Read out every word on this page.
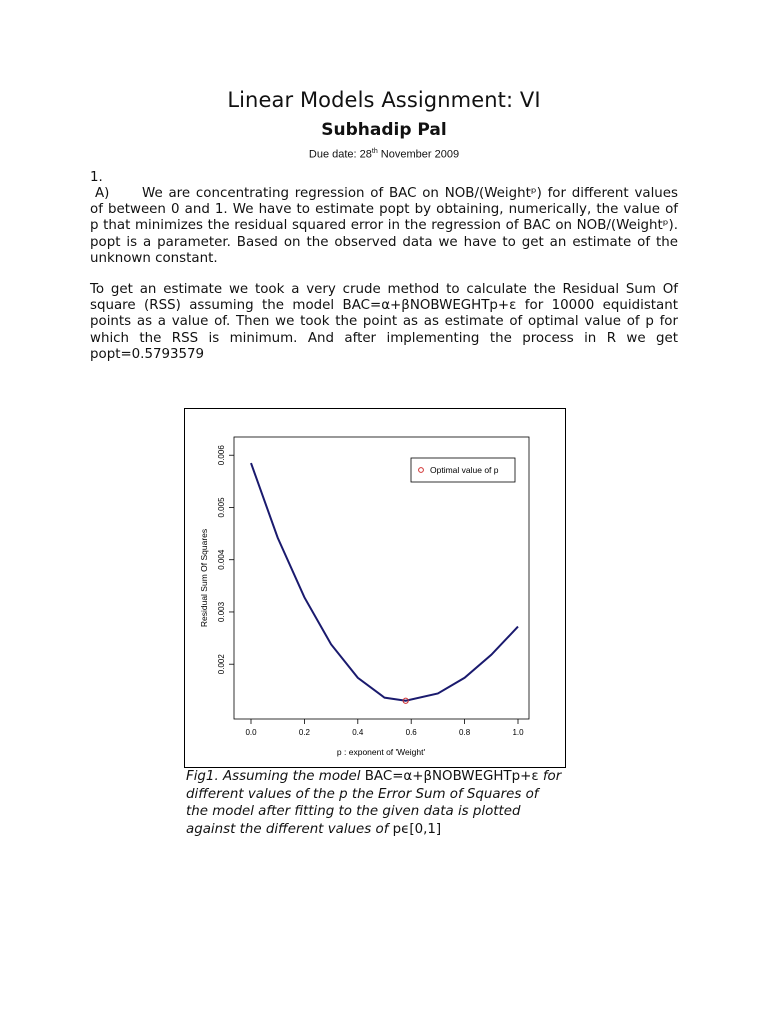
Linear Models Assignment: VI
Subhadip Pal
Due date: 28th November 2009
1.
A) We are concentrating regression of BAC on NOB/(Weightᵖ) for different values of between 0 and 1. We have to estimate popt by obtaining, numerically, the value of p that minimizes the residual squared error in the regression of BAC on NOB/(Weightᵖ). popt is a parameter. Based on the observed data we have to get an estimate of the unknown constant.
To get an estimate we took a very crude method to calculate the Residual Sum Of square (RSS) assuming the model BAC=α+βNOBWEGHTp+ε for 10000 equidistant points as a value of. Then we took the point as as estimate of optimal value of p for which the RSS is minimum. And after implementing the process in R we get popt=0.5793579
0.0	0.2	0.4	0.6	0.8	1.0
0.002
0.003
0.004
0.005
0.006
p : exponent of 'Weight'
Residual Sum Of Squares
Optimal value of p
Fig1. Assuming the model BAC=α+βNOBWEGHTp+ε for different values of the p the Error Sum of Squares of the model after fitting to the given data is plotted against the different values of pϵ[0,1]
